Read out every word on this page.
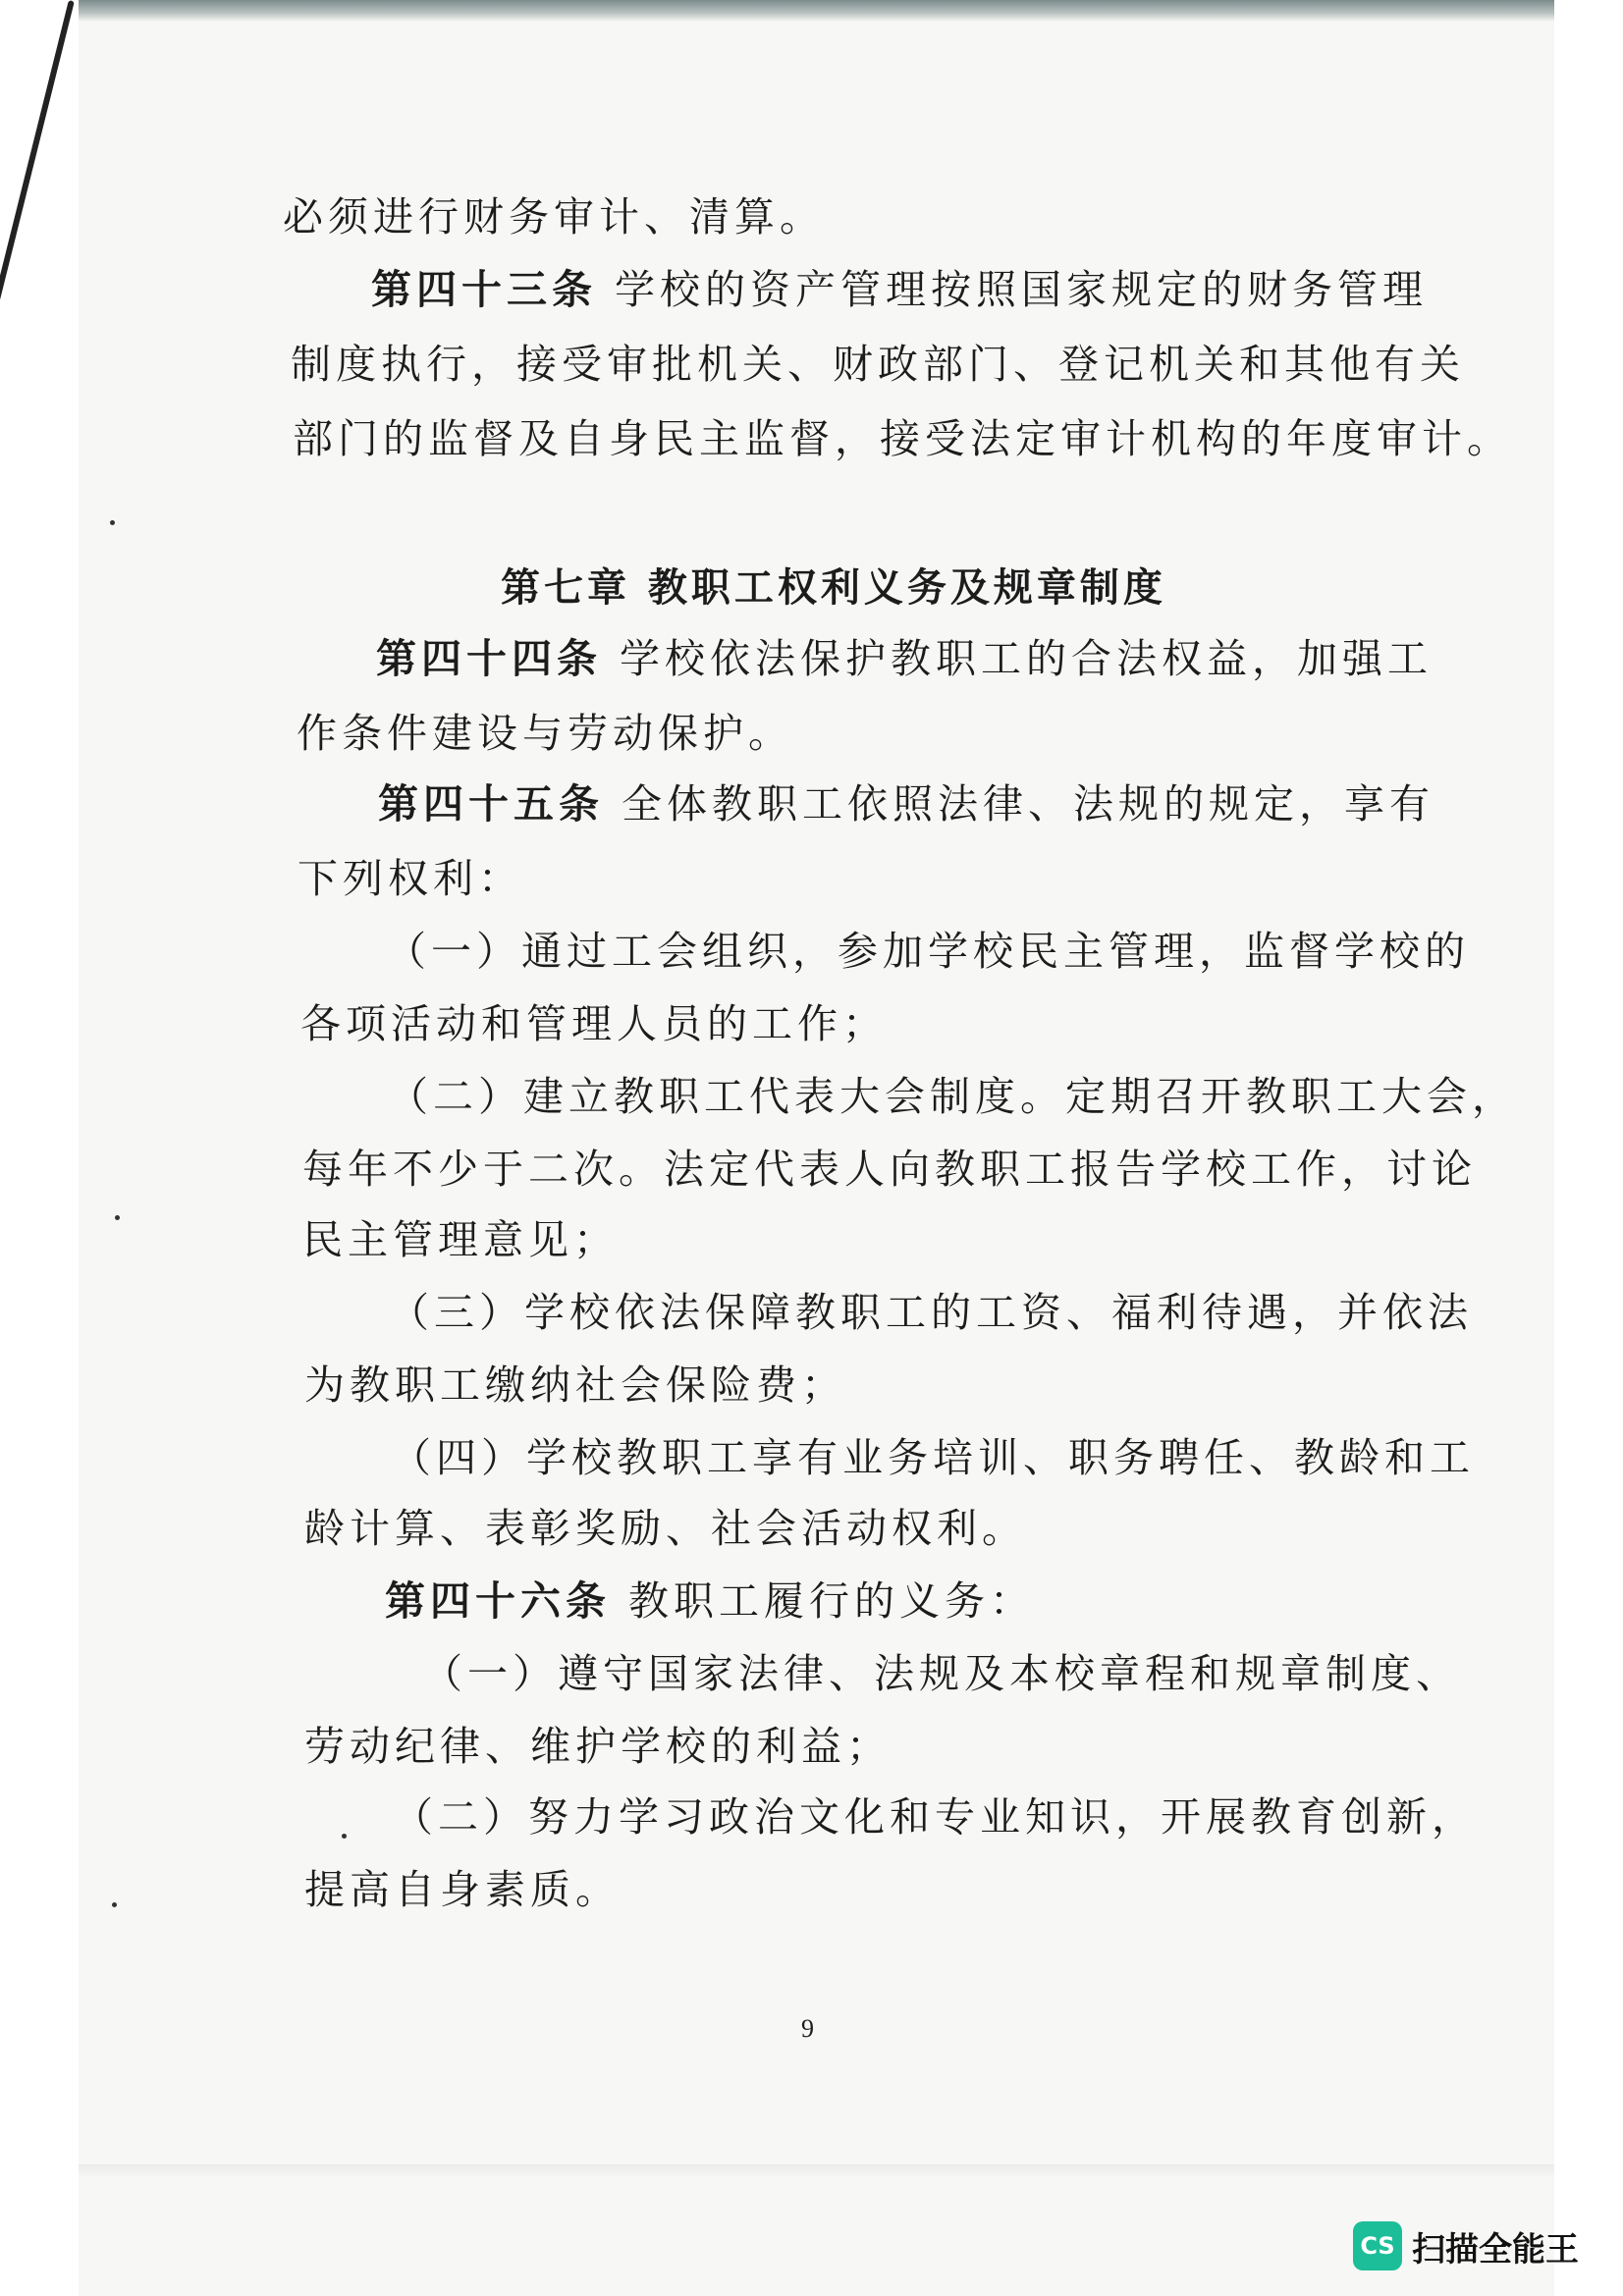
必须进行财务审计、清算。
第四十三条 学校的资产管理按照国家规定的财务管理
制度执行，接受审批机关、财政部门、登记机关和其他有关
部门的监督及自身民主监督，接受法定审计机构的年度审计。
第七章 教职工权利义务及规章制度
第四十四条 学校依法保护教职工的合法权益，加强工
作条件建设与劳动保护。
第四十五条 全体教职工依照法律、法规的规定，享有
下列权利：
（一）通过工会组织，参加学校民主管理，监督学校的
各项活动和管理人员的工作；
（二）建立教职工代表大会制度。定期召开教职工大会，
每年不少于二次。法定代表人向教职工报告学校工作，讨论
民主管理意见；
（三）学校依法保障教职工的工资、福利待遇，并依法
为教职工缴纳社会保险费；
（四）学校教职工享有业务培训、职务聘任、教龄和工
龄计算、表彰奖励、社会活动权利。
第四十六条 教职工履行的义务：
（一）遵守国家法律、法规及本校章程和规章制度、
劳动纪律、维护学校的利益；
（二）努力学习政治文化和专业知识，开展教育创新，
提高自身素质。
9
CS 扫描全能王
